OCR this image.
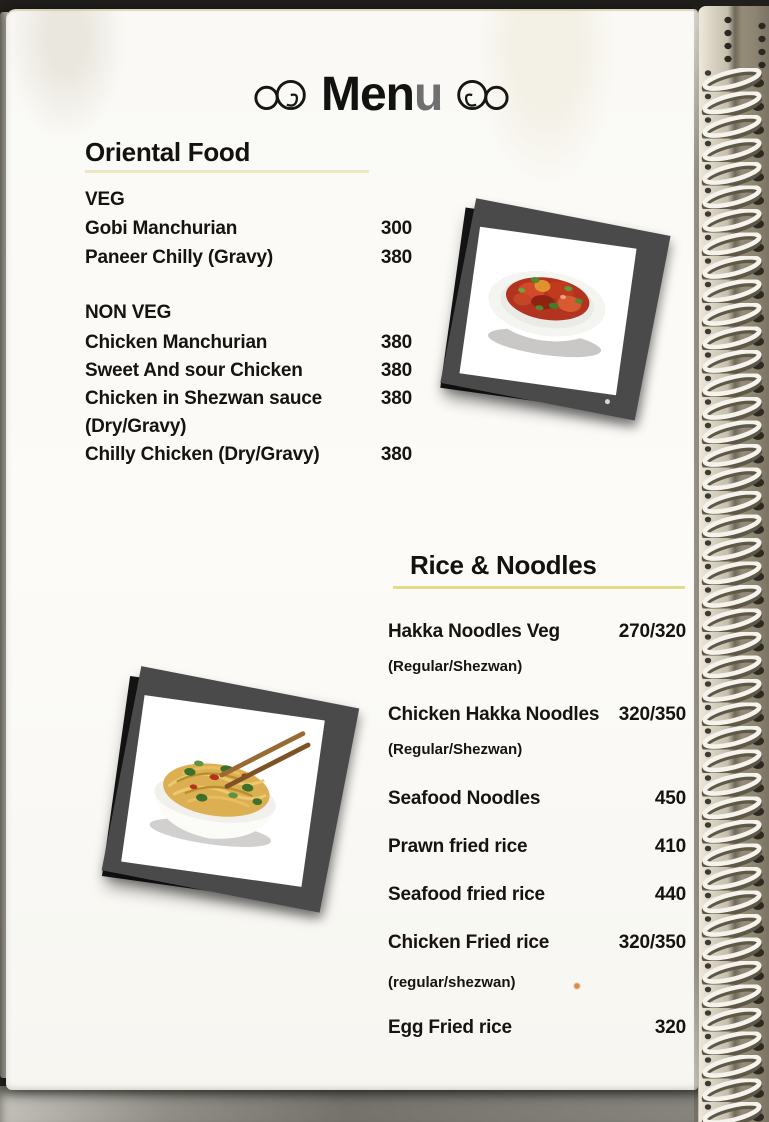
Menu
Oriental Food
VEG
Gobi Manchurian	300
Paneer Chilly (Gravy)	380
NON VEG
Chicken Manchurian	380
Sweet And sour Chicken	380
Chicken in Shezwan sauce	380
(Dry/Gravy)
Chilly Chicken (Dry/Gravy)	380
Rice & Noodles
Hakka Noodles Veg	270/320
(Regular/Shezwan)
Chicken Hakka Noodles 320/350
(Regular/Shezwan)
Seafood Noodles	450
Prawn fried rice	410
Seafood fried rice	440
Chicken Fried rice	320/350
(regular/shezwan)
Egg Fried rice	320
